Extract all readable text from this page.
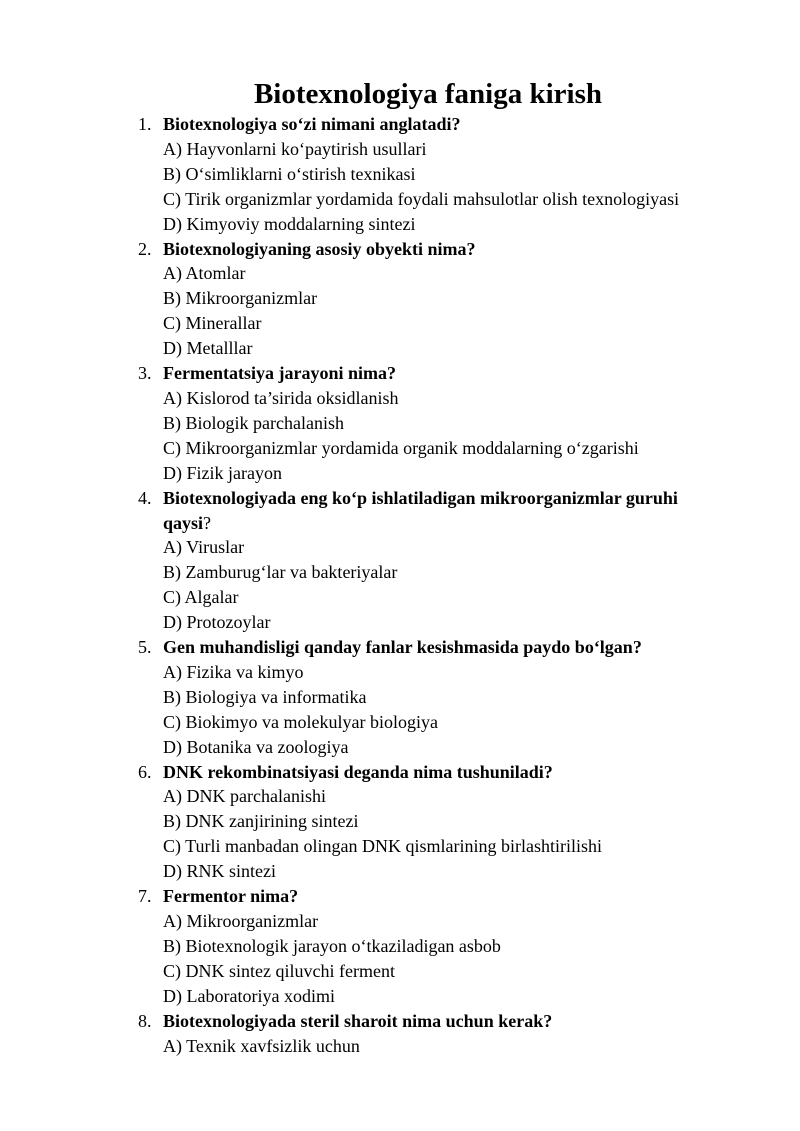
Biotexnologiya faniga kirish
1. Biotexnologiya so‘zi nimani anglatadi?
A) Hayvonlarni ko‘paytirish usullari
B) O‘simliklarni o‘stirish texnikasi
C) Tirik organizmlar yordamida foydali mahsulotlar olish texnologiyasi
D) Kimyoviy moddalarning sintezi
2. Biotexnologiyaning asosiy obyekti nima?
A) Atomlar
B) Mikroorganizmlar
C) Minerallar
D) Metalllar
3. Fermentatsiya jarayoni nima?
A) Kislorod ta’sirida oksidlanish
B) Biologik parchalanish
C) Mikroorganizmlar yordamida organik moddalarning o‘zgarishi
D) Fizik jarayon
4. Biotexnologiyada eng ko‘p ishlatiladigan mikroorganizmlar guruhi qaysi?
A) Viruslar
B) Zamburug‘lar va bakteriyalar
C) Algalar
D) Protozoylar
5. Gen muhandisligi qanday fanlar kesishmasida paydo bo‘lgan?
A) Fizika va kimyo
B) Biologiya va informatika
C) Biokimyo va molekulyar biologiya
D) Botanika va zoologiya
6. DNK rekombinatsiyasi deganda nima tushuniladi?
A) DNK parchalanishi
B) DNK zanjirining sintezi
C) Turli manbadan olingan DNK qismlarining birlashtirilishi
D) RNK sintezi
7. Fermentor nima?
A) Mikroorganizmlar
B) Biotexnologik jarayon o‘tkaziladigan asbob
C) DNK sintez qiluvchi ferment
D) Laboratoriya xodimi
8. Biotexnologiyada steril sharoit nima uchun kerak?
A) Texnik xavfsizlik uchun
